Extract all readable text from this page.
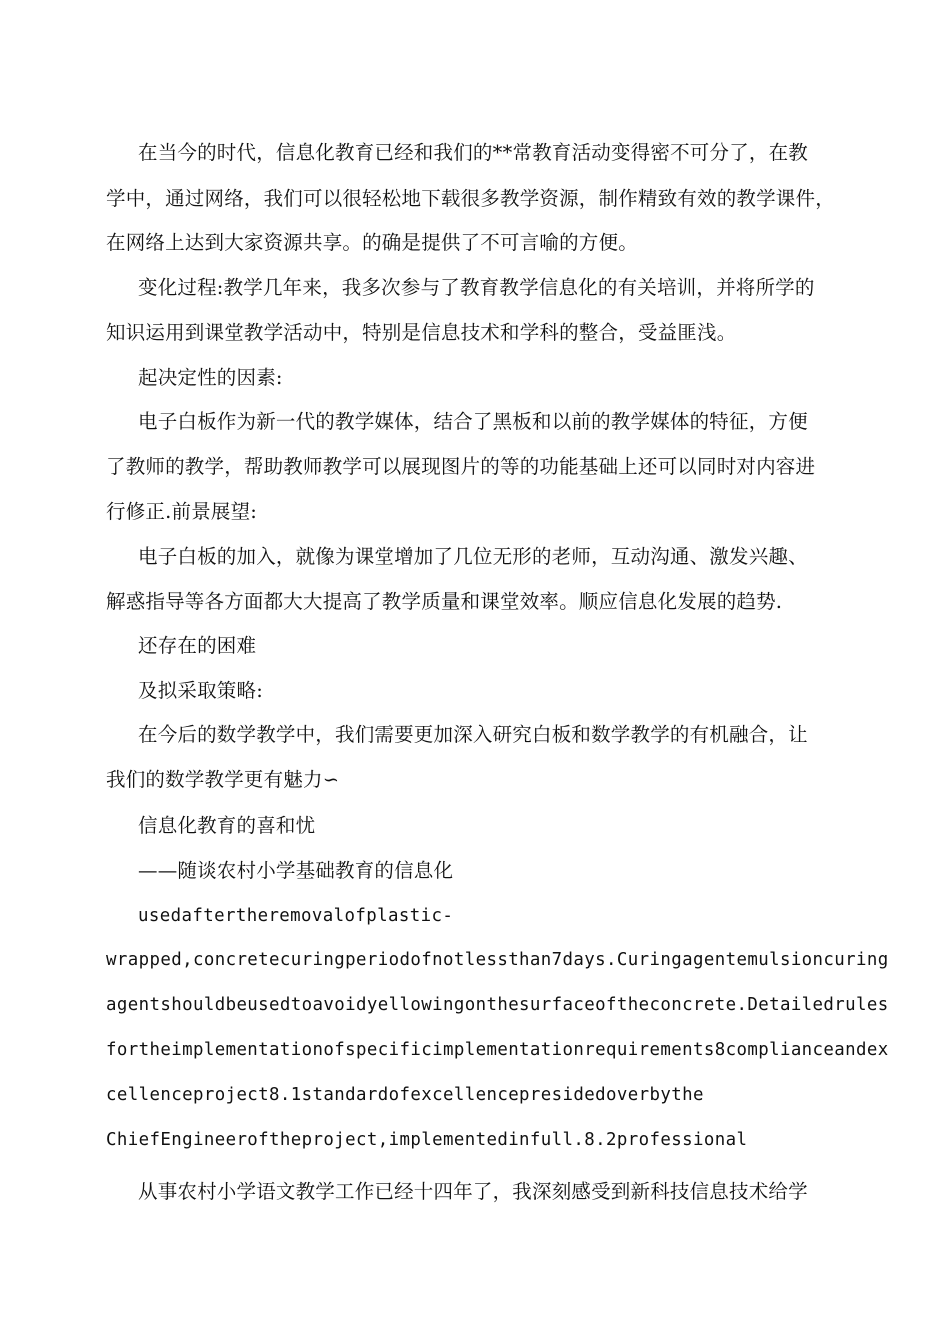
在当今的时代，信息化教育已经和我们的**常教育活动变得密不可分了，在教
学中，通过网络，我们可以很轻松地下载很多教学资源，制作精致有效的教学课件，
在网络上达到大家资源共享。的确是提供了不可言喻的方便。
变化过程:教学几年来，我多次参与了教育教学信息化的有关培训，并将所学的
知识运用到课堂教学活动中，特别是信息技术和学科的整合，受益匪浅。
起决定性的因素:
电子白板作为新一代的教学媒体，结合了黑板和以前的教学媒体的特征，方便
了教师的教学，帮助教师教学可以展现图片的等的功能基础上还可以同时对内容进
行修正.前景展望:
电子白板的加入，就像为课堂增加了几位无形的老师，互动沟通、激发兴趣、
解惑指导等各方面都大大提高了教学质量和课堂效率。顺应信息化发展的趋势.
还存在的困难
及拟采取策略:
在今后的数学教学中，我们需要更加深入研究白板和数学教学的有机融合，让
我们的数学教学更有魅力∽
信息化教育的喜和忧
——随谈农村小学基础教育的信息化
usedaftertheremovalofplastic-
wrapped,concretecuringperiodofnotlessthan7days.Curingagentemulsioncuring
agentshouldbeusedtoavoidyellowingonthesurfaceoftheconcrete.Detailedrules
fortheimplementationofspecificimplementationrequirements8complianceandex
cellenceproject8.1standardofexcellencepresidedoverbythe
ChiefEngineeroftheproject,implementedinfull.8.2professional
从事农村小学语文教学工作已经十四年了，我深刻感受到新科技信息技术给学
